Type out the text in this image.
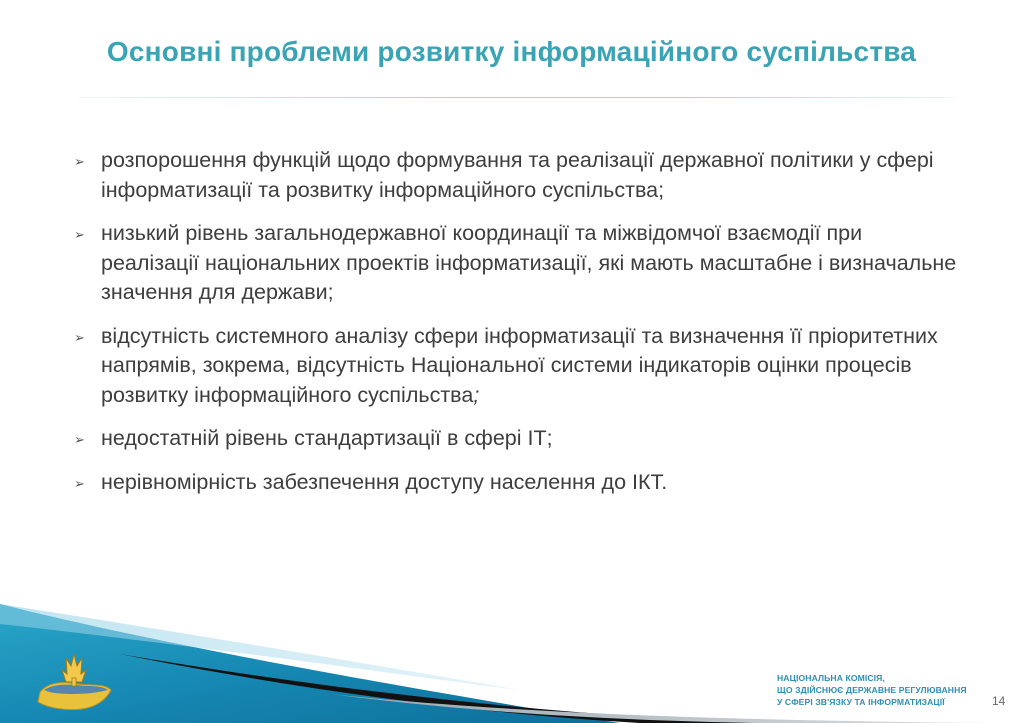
Основні проблеми розвитку інформаційного суспільства
➢ розпорошення функцій щодо формування та реалізації державної політики у сфері інформатизації та розвитку інформаційного суспільства;
➢ низький рівень загальнодержавної координації та міжвідомчої взаємодії при реалізації національних проектів інформатизації, які мають масштабне і визначальне значення для держави;
➢ відсутність системного аналізу сфери інформатизації та визначення її пріоритетних напрямів, зокрема, відсутність Національної системи індикаторів оцінки процесів розвитку інформаційного суспільства;
➢ недостатній рівень стандартизації в сфері ІТ;
➢ нерівномірність забезпечення доступу населення до ІКТ.
НАЦІОНАЛЬНА КОМІСІЯ,
ЩО ЗДІЙСНЮЄ ДЕРЖАВНЕ РЕГУЛЮВАННЯ
У СФЕРІ ЗВ'ЯЗКУ ТА ІНФОРМАТИЗАЦІЇ	14
